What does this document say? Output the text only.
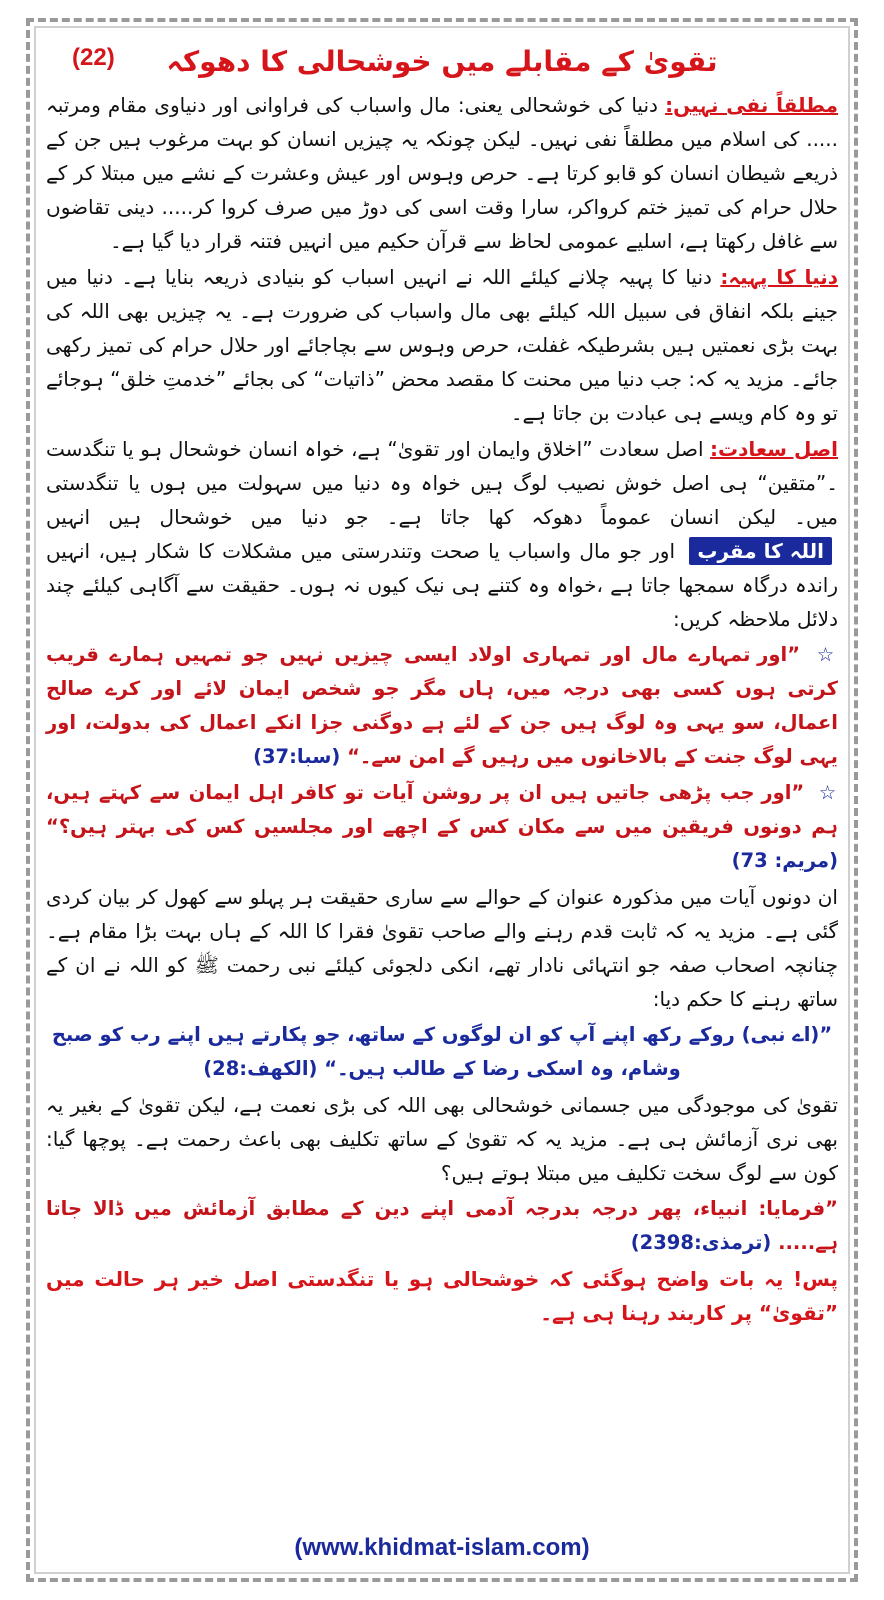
تقویٰ کے مقابلے میں خوشحالی کا دھوکہ
(22)

مطلقاً نفی نہیں: دنیا کی خوشحالی یعنی: مال واسباب کی فراوانی اور دنیاوی مقام ومرتبہ ..... کی اسلام میں مطلقاً نفی نہیں۔ لیکن چونکہ یہ چیزیں انسان کو بہت مرغوب ہیں جن کے ذریعے شیطان انسان کو قابو کرتا ہے۔ حرص وہوس اور عیش وعشرت کے نشے میں مبتلا کر کے حلال حرام کی تمیز ختم کرواکر، سارا وقت اسی کی دوڑ میں صرف کروا کر..... دینی تقاضوں سے غافل رکھتا ہے، اسلیے عمومی لحاظ سے قرآن حکیم میں انہیں فتنہ قرار دیا گیا ہے۔

دنیا کا پہیہ: دنیا کا پہیہ چلانے کیلئے اللہ نے انہیں اسباب کو بنیادی ذریعہ بنایا ہے۔ دنیا میں جینے بلکہ انفاق فی سبیل اللہ کیلئے بھی مال واسباب کی ضرورت ہے۔ یہ چیزیں بھی اللہ کی بہت بڑی نعمتیں ہیں بشرطیکہ غفلت، حرص وہوس سے بچاجائے اور حلال حرام کی تمیز رکھی جائے۔ مزید یہ کہ: جب دنیا میں محنت کا مقصد محض ”ذاتیات“ کی بجائے ”خدمتِ خلق“ ہوجائے تو وہ کام ویسے ہی عبادت بن جاتا ہے۔

اصل سعادت: اصل سعادت ”اخلاق وایمان اور تقویٰ“ ہے، خواہ انسان خوشحال ہو یا تنگدست ۔”متقین“ ہی اصل خوش نصیب لوگ ہیں خواہ وہ دنیا میں سہولت میں ہوں یا تنگدستی میں۔ لیکن انسان عموماً دھوکہ کھا جاتا ہے۔ جو دنیا میں خوشحال ہیں انہیں اللہ کا مقرب اور جو مال واسباب یا صحت وتندرستی میں مشکلات کا شکار ہیں، انہیں راندہ درگاہ سمجھا جاتا ہے ،خواہ وہ کتنے ہی نیک کیوں نہ ہوں۔ حقیقت سے آگاہی کیلئے چند دلائل ملاحظہ کریں:

☆ ”اور تمہارے مال اور تمہاری اولاد ایسی چیزیں نہیں جو تمہیں ہمارے قریب کرتی ہوں کسی بھی درجہ میں، ہاں مگر جو شخص ایمان لائے اور کرے صالح اعمال، سو یہی وہ لوگ ہیں جن کے لئے ہے دوگنی جزا انکے اعمال کی بدولت، اور یہی لوگ جنت کے بالاخانوں میں رہیں گے امن سے۔“ (سبا:37)

☆ ”اور جب پڑھی جاتیں ہیں ان پر روشن آیات تو کافر اہل ایمان سے کہتے ہیں، ہم دونوں فریقین میں سے مکان کس کے اچھے اور مجلسیں کس کی بہتر ہیں؟“ (مریم: 73)

ان دونوں آیات میں مذکورہ عنوان کے حوالے سے ساری حقیقت ہر پہلو سے کھول کر بیان کردی گئی ہے۔ مزید یہ کہ ثابت قدم رہنے والے صاحب تقویٰ فقرا کا اللہ کے ہاں بہت بڑا مقام ہے۔ چنانچہ اصحاب صفہ جو انتہائی نادار تھے، انکی دلجوئی کیلئے نبی رحمت ﷺ کو اللہ نے ان کے ساتھ رہنے کا حکم دیا:

”(اے نبی) روکے رکھ اپنے آپ کو ان لوگوں کے ساتھ، جو پکارتے ہیں اپنے رب کو صبح وشام، وہ اسکی رضا کے طالب ہیں۔“ (الکھف:28)

تقویٰ کی موجودگی میں جسمانی خوشحالی بھی اللہ کی بڑی نعمت ہے، لیکن تقویٰ کے بغیر یہ بھی نری آزمائش ہی ہے۔ مزید یہ کہ تقویٰ کے ساتھ تکلیف بھی باعث رحمت ہے۔ پوچھا گیا: کون سے لوگ سخت تکلیف میں مبتلا ہوتے ہیں؟

”فرمایا: انبیاء، پھر درجہ بدرجہ آدمی اپنے دین کے مطابق آزمائش میں ڈالا جاتا ہے..... (ترمذی:2398)

پس! یہ بات واضح ہوگئی کہ خوشحالی ہو یا تنگدستی اصل خیر ہر حالت میں ”تقویٰ“ پر کاربند رہنا ہی ہے۔

(www.khidmat-islam.com)
